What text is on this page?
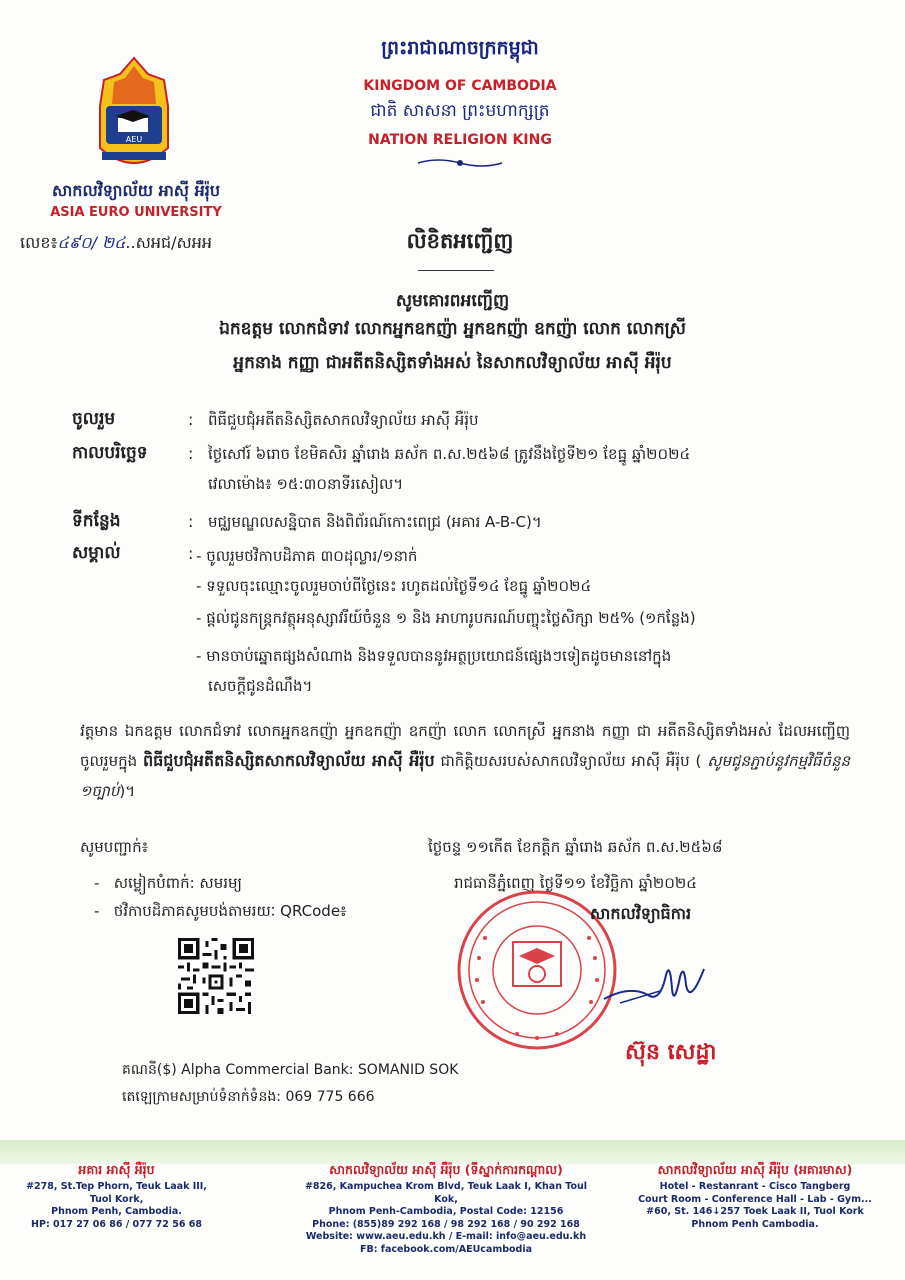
AEU
សាកលវិទ្យាល័យ អាស៊ី អឺរ៉ុប
ASIA EURO UNIVERSITY
លេខ៖៤៩០/ ២៤..សអជ/សអអ
ព្រះរាជាណាចក្រកម្ពុជា
KINGDOM OF CAMBODIA
ជាតិ សាសនា ព្រះមហាក្សត្រ
NATION RELIGION KING
លិខិតអញ្ជើញ
សូមគោរពអញ្ជើញ
ឯកឧត្តម លោកជំទាវ លោកអ្នកឧកញ៉ា អ្នកឧកញ៉ា ឧកញ៉ា លោក លោកស្រី
អ្នកនាង កញ្ញា ជាអតីតនិស្សិតទាំងអស់ នៃសាកលវិទ្យាល័យ អាស៊ី អឺរ៉ុប
ចូលរួម	: ពិធីជួបជុំអតីតនិស្សិតសាកលវិទ្យាល័យ អាស៊ី អឺរ៉ុប
កាលបរិច្ឆេទ	: ថ្ងៃសៅរ៍ ៦រោច ខែមិគសិរ ឆ្នាំរោង ឆស័ក ព.ស.២៥៦៨ ត្រូវនឹងថ្ងៃទី២១ ខែធ្នូ ឆ្នាំ២០២៤
វេលាម៉ោង៖ ១៥:៣០នាទីរសៀល។
ទីកន្លែង	: មជ្ឈមណ្ឌលសន្និបាត និងពិព័រណ៍កោះពេជ្រ (អគារ A-B-C)។
សម្គាល់	: - ចូលរួមថវិកាបដិភាគ ៣០ដុល្លារ/១នាក់
- ទទួលចុះឈ្មោះចូលរួមចាប់ពីថ្ងៃនេះ រហូតដល់ថ្ងៃទី១៤ ខែធ្នូ ឆ្នាំ២០២៤
- ផ្ដល់ជូនកន្ត្រកវត្ថុអនុស្សាវរីយ៍ចំនួន ១ និង អាហារូបករណ៍បញ្ចុះថ្លៃសិក្សា ២៥% (១កន្លែង)
- មានចាប់ឆ្នោតផ្សងសំណាង និងទទួលបាននូវអត្ថប្រយោជន៍ផ្សេងៗទៀតដូចមាននៅក្នុង
សេចក្ដីជូនដំណឹង។
វត្តមាន ឯកឧត្តម លោកជំទាវ លោកអ្នកឧកញ៉ា អ្នកឧកញ៉ា ឧកញ៉ា លោក លោកស្រី អ្នកនាង កញ្ញា ជា អតីតនិស្សិតទាំងអស់ ដែលអញ្ជើញចូលរួមក្នុង ពិធីជួបជុំអតីតនិស្សិតសាកលវិទ្យាល័យ អាស៊ី អឺរ៉ុប ជាកិត្តិយសរបស់សាកលវិទ្យាល័យ អាស៊ី អឺរ៉ុប ( សូមជូនភ្ជាប់នូវកម្មវិធីចំនួន ១ច្បាប់)។
សូមបញ្ជាក់៖
-   សម្លៀកបំពាក់: សមរម្យ
-   ថវិកាបដិភាគសូមបង់តាមរយៈ QRCode៖
គណនី($) Alpha Commercial Bank: SOMANID SOK
តេឡេក្រាមសម្រាប់ទំនាក់ទំនង: 069 775 666
ថ្ងៃចន្ទ ១១កើត ខែកត្តិក ឆ្នាំរោង ឆស័ក ព.ស.២៥៦៨
រាជធានីភ្នំពេញ ថ្ងៃទី១១ ខែវិច្ឆិកា ឆ្នាំ២០២៤
សាកលវិទ្យាធិការ
ស៊ុន សេដ្ឋា
អគារ អាស៊ី អឺរ៉ុប
#278, St.Tep Phorn, Teuk Laak III, Tuol Kork,
Phnom Penh, Cambodia.
HP: 017 27 06 86 / 077 72 56 68
សាកលវិទ្យាល័យ អាស៊ី អឺរ៉ុប (ទីស្នាក់ការកណ្ដាល)
#826, Kampuchea Krom Blvd, Teuk Laak I, Khan Toul Kok,
Phnom Penh-Cambodia, Postal Code: 12156
Phone: (855)89 292 168 / 98 292 168 / 90 292 168
Website: www.aeu.edu.kh / E-mail: info@aeu.edu.kh
FB: facebook.com/AEUcambodia
សាកលវិទ្យាល័យ អាស៊ី អឺរ៉ុប (អគារមាស)
Hotel - Restanrant - Cisco Tangberg
Court Room - Conference Hall - Lab - Gym...
#60, St. 146↓257 Toek Laak II, Tuol Kork
Phnom Penh Cambodia.
